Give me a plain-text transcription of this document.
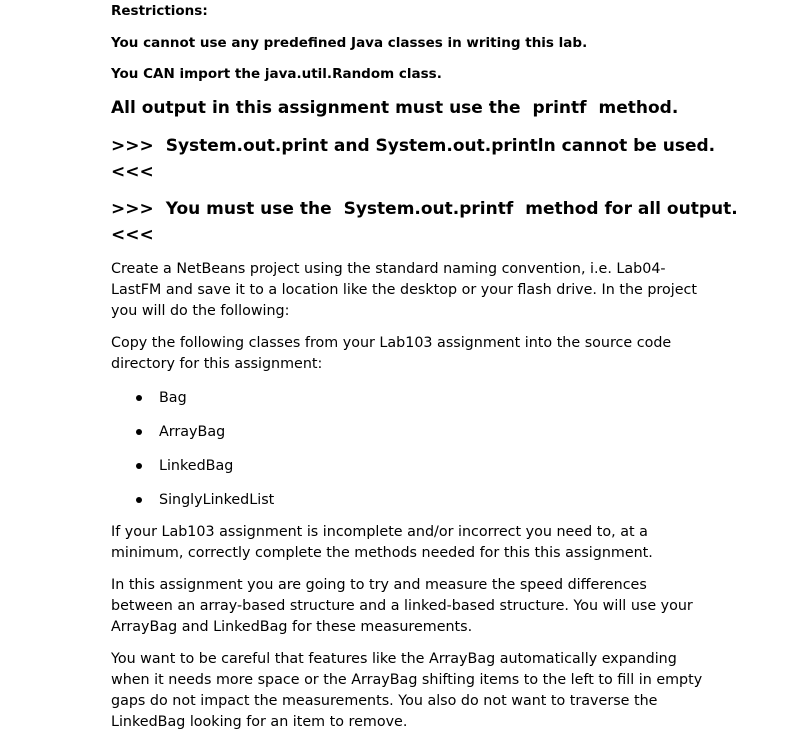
Restrictions:
You cannot use any predefined Java classes in writing this lab.
You CAN import the java.util.Random class.
All output in this assignment must use the printf method.
>>> System.out.print and System.out.println cannot be used.
<<<
>>> You must use the System.out.printf method for all output.
<<<
Create a NetBeans project using the standard naming convention, i.e. Lab04-
LastFM and save it to a location like the desktop or your flash drive. In the project
you will do the following:
Copy the following classes from your Lab103 assignment into the source code
directory for this assignment:
Bag
ArrayBag
LinkedBag
SinglyLinkedList
If your Lab103 assignment is incomplete and/or incorrect you need to, at a
minimum, correctly complete the methods needed for this this assignment.
In this assignment you are going to try and measure the speed differences
between an array-based structure and a linked-based structure. You will use your
ArrayBag and LinkedBag for these measurements.
You want to be careful that features like the ArrayBag automatically expanding
when it needs more space or the ArrayBag shifting items to the left to fill in empty
gaps do not impact the measurements. You also do not want to traverse the
LinkedBag looking for an item to remove.
